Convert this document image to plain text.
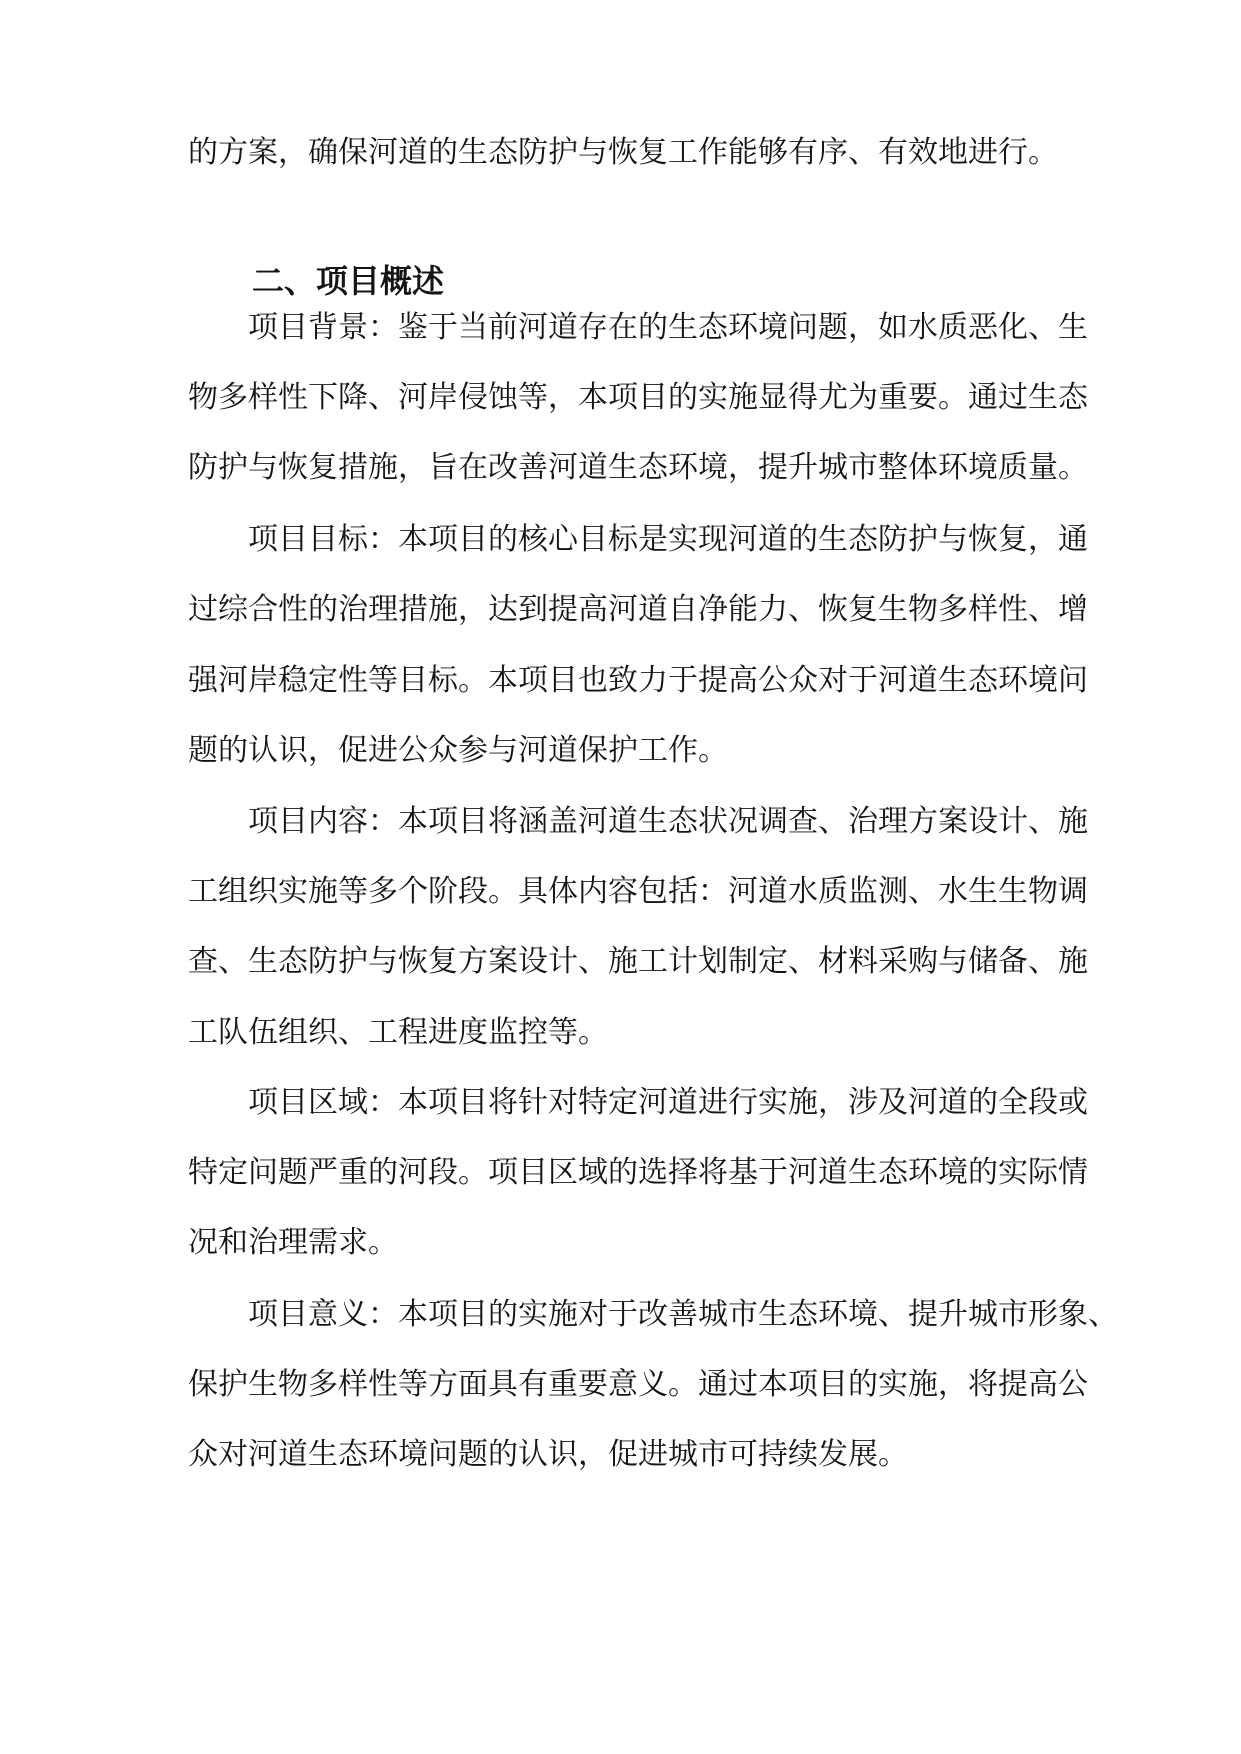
的方案，确保河道的生态防护与恢复工作能够有序、有效地进行。
二、项目概述
项目背景：鉴于当前河道存在的生态环境问题，如水质恶化、生
物多样性下降、河岸侵蚀等，本项目的实施显得尤为重要。通过生态
防护与恢复措施，旨在改善河道生态环境，提升城市整体环境质量。
项目目标：本项目的核心目标是实现河道的生态防护与恢复，通
过综合性的治理措施，达到提高河道自净能力、恢复生物多样性、增
强河岸稳定性等目标。本项目也致力于提高公众对于河道生态环境问
题的认识，促进公众参与河道保护工作。
项目内容：本项目将涵盖河道生态状况调查、治理方案设计、施
工组织实施等多个阶段。具体内容包括：河道水质监测、水生生物调
查、生态防护与恢复方案设计、施工计划制定、材料采购与储备、施
工队伍组织、工程进度监控等。
项目区域：本项目将针对特定河道进行实施，涉及河道的全段或
特定问题严重的河段。项目区域的选择将基于河道生态环境的实际情
况和治理需求。
项目意义：本项目的实施对于改善城市生态环境、提升城市形象、
保护生物多样性等方面具有重要意义。通过本项目的实施，将提高公
众对河道生态环境问题的认识，促进城市可持续发展。
